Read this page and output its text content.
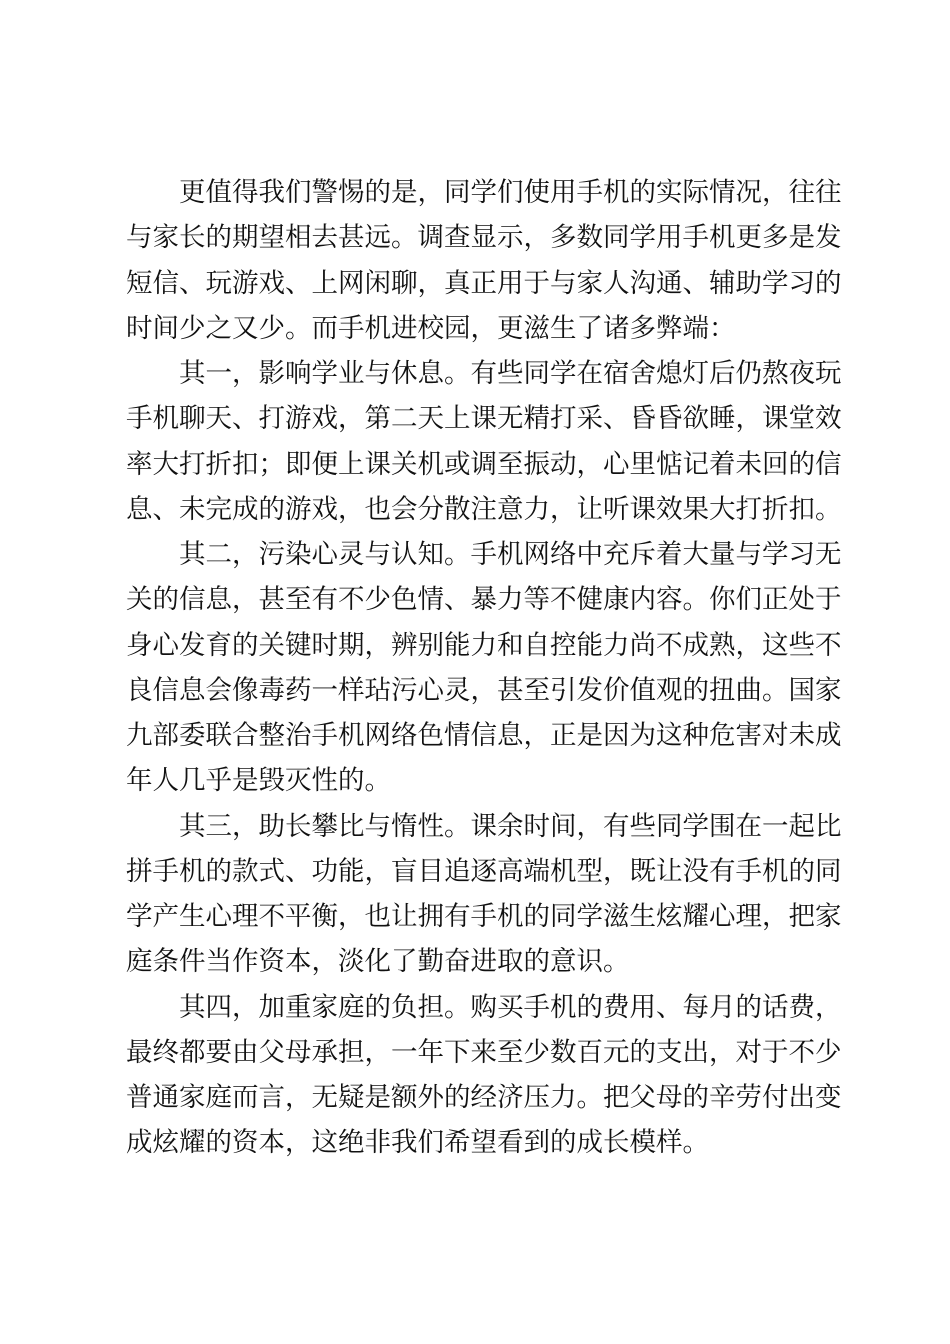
更值得我们警惕的是，同学们使用手机的实际情况，往往
与家长的期望相去甚远。调查显示，多数同学用手机更多是发
短信、玩游戏、上网闲聊，真正用于与家人沟通、辅助学习的
时间少之又少。而手机进校园，更滋生了诸多弊端：
其一，影响学业与休息。有些同学在宿舍熄灯后仍熬夜玩
手机聊天、打游戏，第二天上课无精打采、昏昏欲睡，课堂效
率大打折扣；即便上课关机或调至振动，心里惦记着未回的信
息、未完成的游戏，也会分散注意力，让听课效果大打折扣。
其二，污染心灵与认知。手机网络中充斥着大量与学习无
关的信息，甚至有不少色情、暴力等不健康内容。你们正处于
身心发育的关键时期，辨别能力和自控能力尚不成熟，这些不
良信息会像毒药一样玷污心灵，甚至引发价值观的扭曲。国家
九部委联合整治手机网络色情信息，正是因为这种危害对未成
年人几乎是毁灭性的。
其三，助长攀比与惰性。课余时间，有些同学围在一起比
拼手机的款式、功能，盲目追逐高端机型，既让没有手机的同
学产生心理不平衡，也让拥有手机的同学滋生炫耀心理，把家
庭条件当作资本，淡化了勤奋进取的意识。
其四，加重家庭的负担。购买手机的费用、每月的话费，
最终都要由父母承担，一年下来至少数百元的支出，对于不少
普通家庭而言，无疑是额外的经济压力。把父母的辛劳付出变
成炫耀的资本，这绝非我们希望看到的成长模样。
